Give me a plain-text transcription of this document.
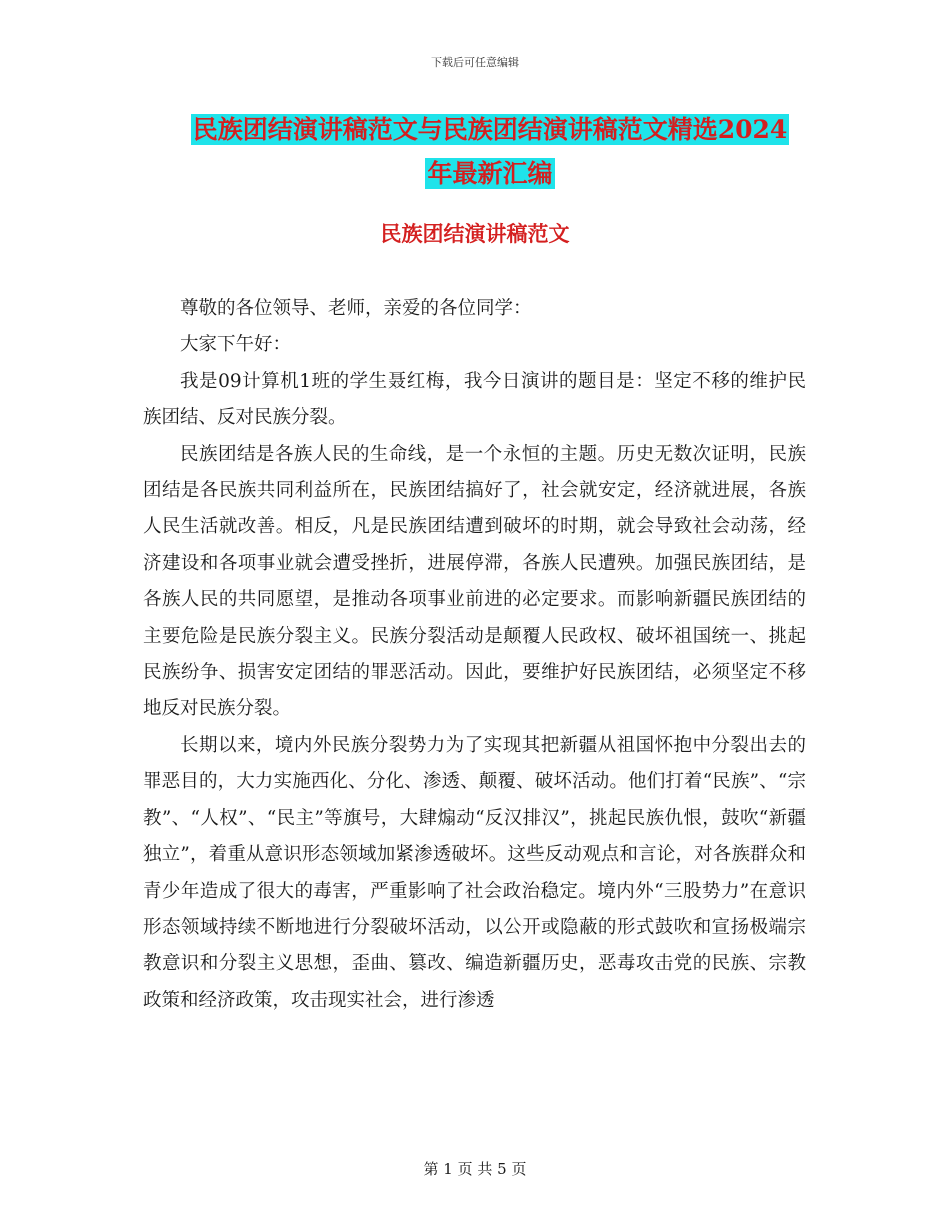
下载后可任意编辑
民族团结演讲稿范文与民族团结演讲稿范文精选2024
年最新汇编
民族团结演讲稿范文

尊敬的各位领导、老师，亲爱的各位同学：

大家下午好：

我是09计算机1班的学生聂红梅，我今日演讲的题目是：坚定不移的维护民族团结、反对民族分裂。

民族团结是各族人民的生命线，是一个永恒的主题。历史无数次证明，民族团结是各民族共同利益所在，民族团结搞好了，社会就安定，经济就进展，各族人民生活就改善。相反，凡是民族团结遭到破坏的时期，就会导致社会动荡，经济建设和各项事业就会遭受挫折，进展停滞，各族人民遭殃。加强民族团结，是各族人民的共同愿望，是推动各项事业前进的必定要求。而影响新疆民族团结的主要危险是民族分裂主义。民族分裂活动是颠覆人民政权、破坏祖国统一、挑起民族纷争、损害安定团结的罪恶活动。因此，要维护好民族团结，必须坚定不移地反对民族分裂。

长期以来，境内外民族分裂势力为了实现其把新疆从祖国怀抱中分裂出去的罪恶目的，大力实施西化、分化、渗透、颠覆、破坏活动。他们打着“民族”、“宗教”、“人权”、“民主”等旗号，大肆煽动“反汉排汉”，挑起民族仇恨，鼓吹“新疆独立”，着重从意识形态领域加紧渗透破坏。这些反动观点和言论，对各族群众和青少年造成了很大的毒害，严重影响了社会政治稳定。境内外“三股势力”在意识形态领域持续不断地进行分裂破坏活动，以公开或隐蔽的形式鼓吹和宣扬极端宗教意识和分裂主义思想，歪曲、篡改、编造新疆历史，恶毒攻击党的民族、宗教政策和经济政策，攻击现实社会，进行渗透

第 1 页 共 5 页
